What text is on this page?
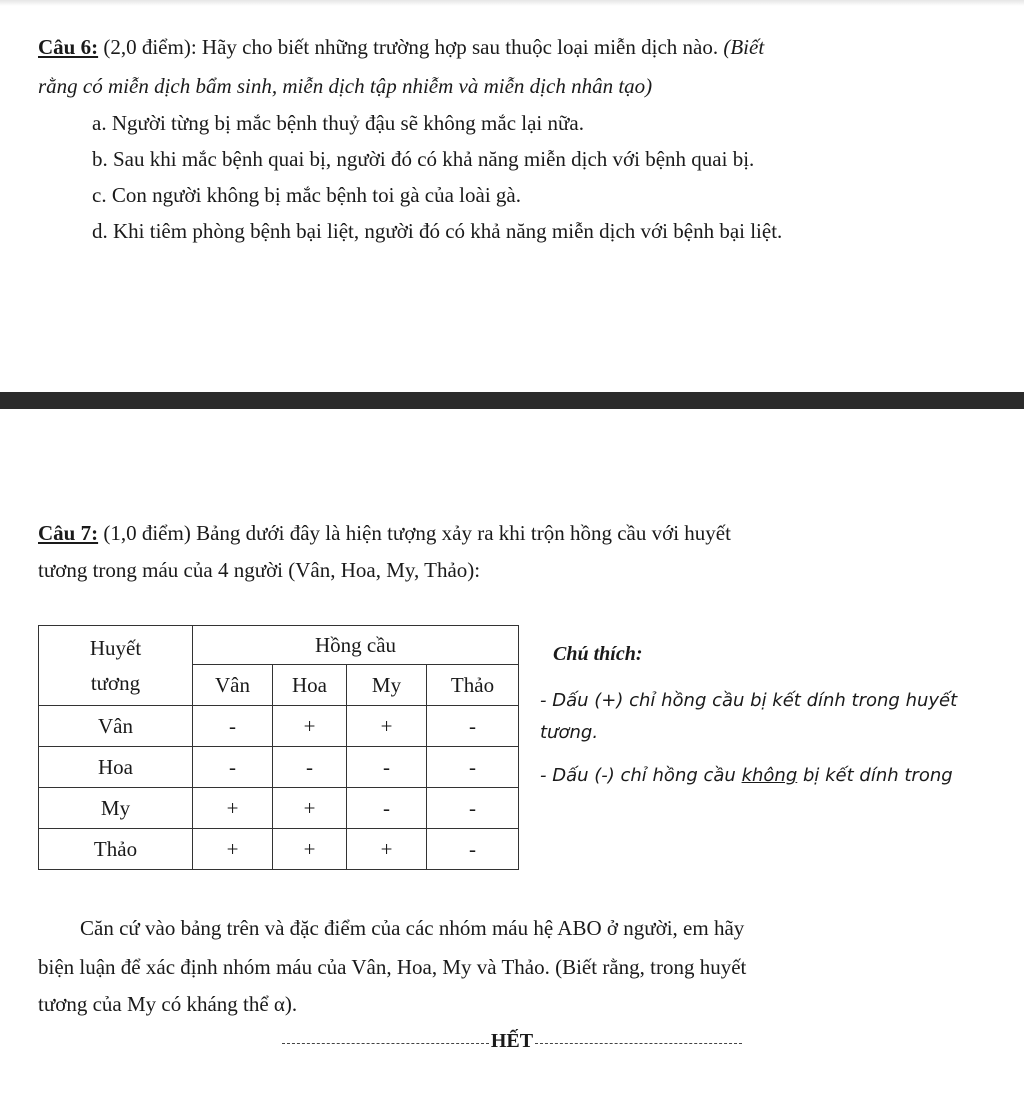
Câu 6: (2,0 điểm): Hãy cho biết những trường hợp sau thuộc loại miễn dịch nào. (Biết
rằng có miễn dịch bẩm sinh, miễn dịch tập nhiễm và miễn dịch nhân tạo)
a. Người từng bị mắc bệnh thuỷ đậu sẽ không mắc lại nữa.
b. Sau khi mắc bệnh quai bị, người đó có khả năng miễn dịch với bệnh quai bị.
c. Con người không bị mắc bệnh toi gà của loài gà.
d. Khi tiêm phòng bệnh bại liệt, người đó có khả năng miễn dịch với bệnh bại liệt.
Câu 7: (1,0 điểm) Bảng dưới đây là hiện tượng xảy ra khi trộn hồng cầu với huyết
tương trong máu của 4 người (Vân, Hoa, My, Thảo):
Huyết
tương	Hồng cầu			
	Vân	Hoa	My	Thảo
Vân	-	+	+	-
Hoa	-	-	-	-
My	+	+	-	-
Thảo	+	+	+	-
Chú thích:
- Dấu (+) chỉ hồng cầu bị kết dính trong huyết
tương.
- Dấu (-) chỉ hồng cầu không bị kết dính trong
Căn cứ vào bảng trên và đặc điểm của các nhóm máu hệ ABO ở người, em hãy
biện luận để xác định nhóm máu của Vân, Hoa, My và Thảo. (Biết rằng, trong huyết
tương của My có kháng thể α).
HẾT
